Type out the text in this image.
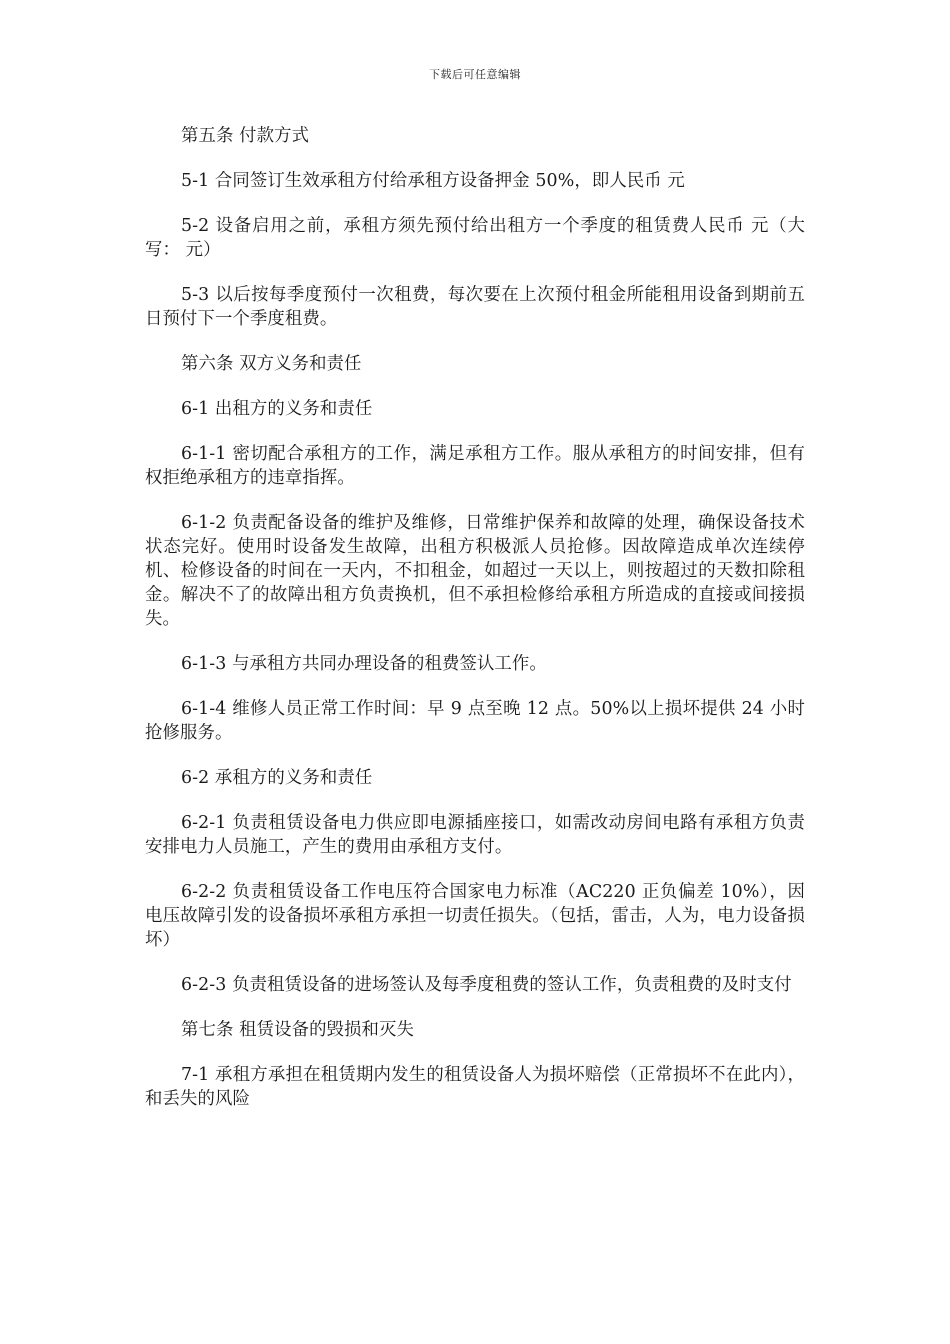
下载后可任意编辑

第五条 付款方式

5-1 合同签订生效承租方付给承租方设备押金 50%，即人民币 元

5-2 设备启用之前，承租方须先预付给出租方一个季度的租赁费人民币 元（大写： 元）

5-3 以后按每季度预付一次租费，每次要在上次预付租金所能租用设备到期前五日预付下一个季度租费。

第六条 双方义务和责任

6-1 出租方的义务和责任

6-1-1 密切配合承租方的工作，满足承租方工作。服从承租方的时间安排，但有权拒绝承租方的违章指挥。

6-1-2 负责配备设备的维护及维修，日常维护保养和故障的处理，确保设备技术状态完好。使用时设备发生故障，出租方积极派人员抢修。因故障造成单次连续停机、检修设备的时间在一天内，不扣租金，如超过一天以上，则按超过的天数扣除租金。解决不了的故障出租方负责换机，但不承担检修给承租方所造成的直接或间接损失。

6-1-3 与承租方共同办理设备的租费签认工作。

6-1-4 维修人员正常工作时间：早 9 点至晚 12 点。50%以上损坏提供 24 小时抢修服务。

6-2 承租方的义务和责任

6-2-1 负责租赁设备电力供应即电源插座接口，如需改动房间电路有承租方负责安排电力人员施工，产生的费用由承租方支付。

6-2-2 负责租赁设备工作电压符合国家电力标准（AC220 正负偏差 10%），因电压故障引发的设备损坏承租方承担一切责任损失。（包括，雷击，人为，电力设备损坏）

6-2-3 负责租赁设备的进场签认及每季度租费的签认工作，负责租费的及时支付

第七条 租赁设备的毁损和灭失

7-1 承租方承担在租赁期内发生的租赁设备人为损坏赔偿（正常损坏不在此内），和丢失的风险
